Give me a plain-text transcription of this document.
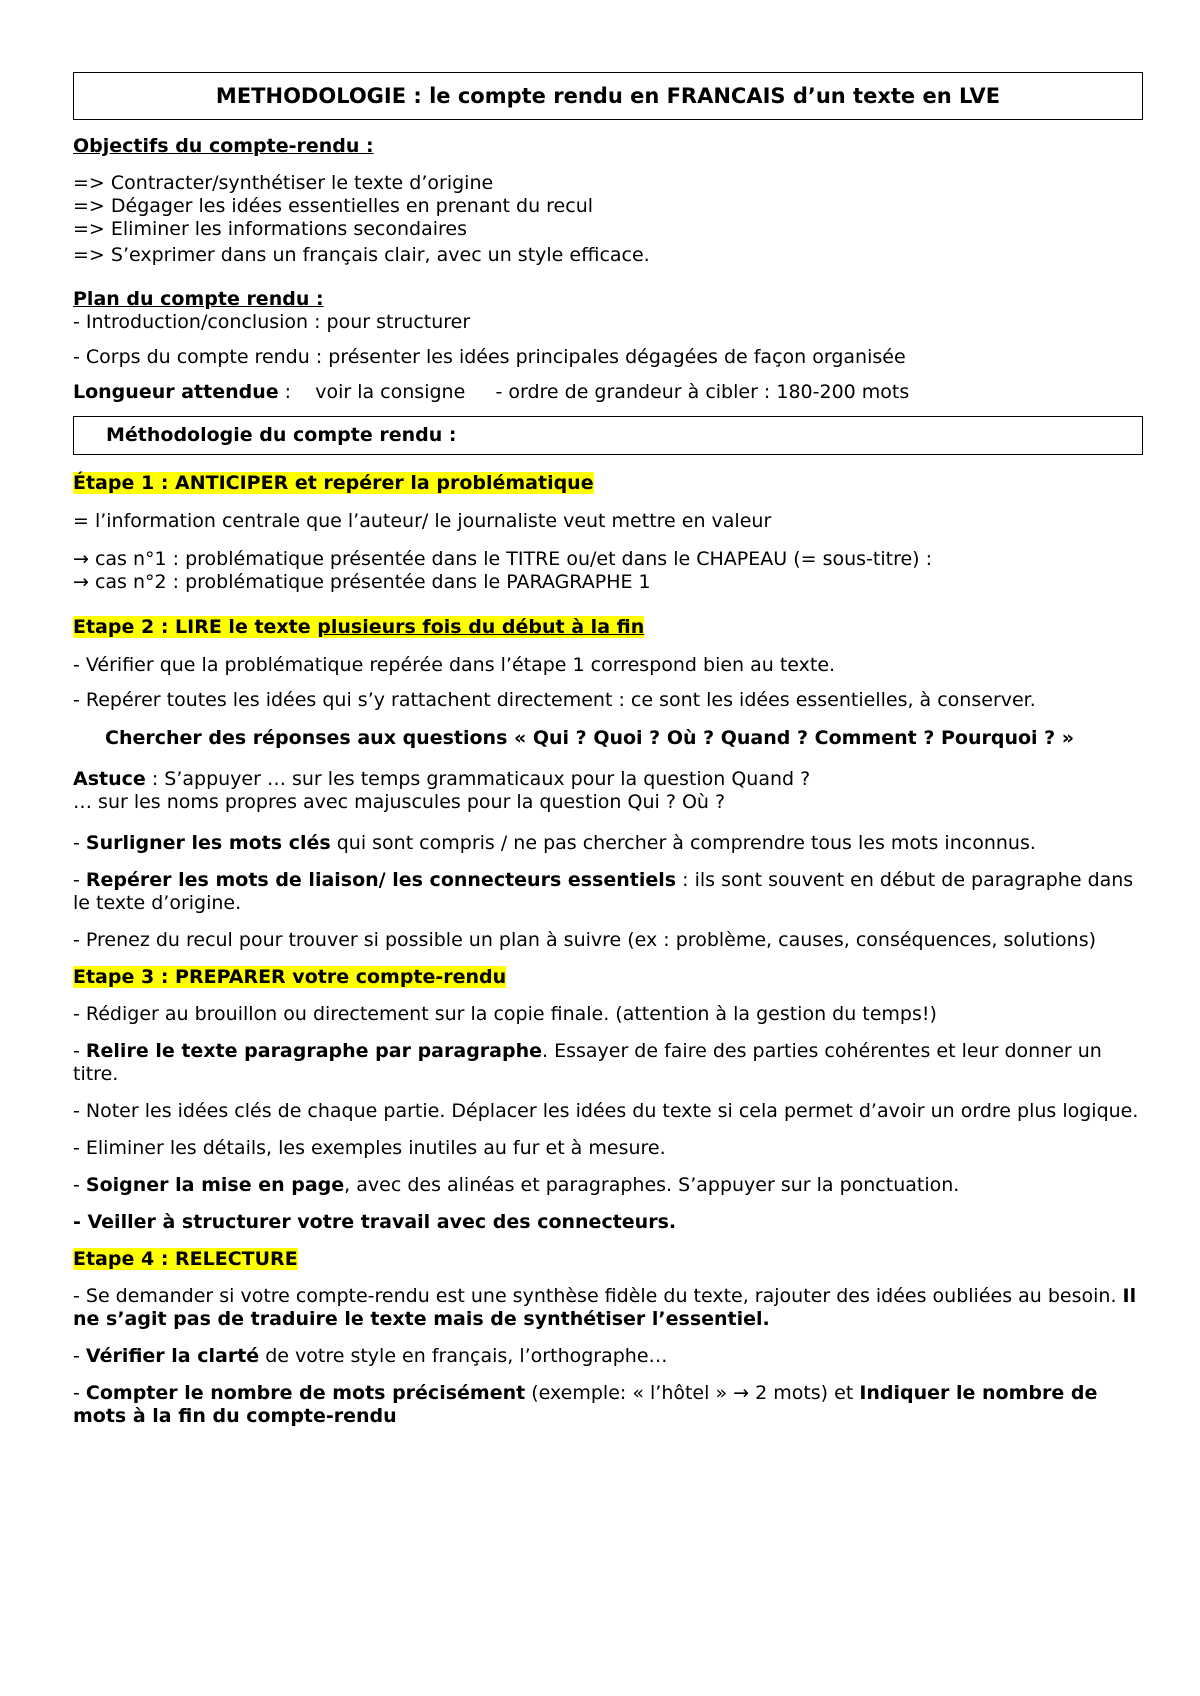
METHODOLOGIE : le compte rendu en FRANCAIS d’un texte en LVE

Objectifs du compte-rendu :

=> Contracter/synthétiser le texte d’origine

=> Dégager les idées essentielles en prenant du recul

=> Eliminer les informations secondaires

=> S’exprimer dans un français clair, avec un style efficace.

Plan du compte rendu :

- Introduction/conclusion : pour structurer

- Corps du compte rendu : présenter les idées principales dégagées de façon organisée

Longueur attendue :    voir la consigne     - ordre de grandeur à cibler : 180-200 mots

Méthodologie du compte rendu :

Étape 1 : ANTICIPER et repérer la problématique

= l’information centrale que l’auteur/ le journaliste veut mettre en valeur

→ cas n°1 : problématique présentée dans le TITRE ou/et dans le CHAPEAU (= sous-titre) :

→ cas n°2 : problématique présentée dans le PARAGRAPHE 1

Etape 2 : LIRE le texte plusieurs fois du début à la fin

- Vérifier que la problématique repérée dans l’étape 1 correspond bien au texte.

- Repérer toutes les idées qui s’y rattachent directement : ce sont les idées essentielles, à conserver.

Chercher des réponses aux questions « Qui ? Quoi ? Où ? Quand ? Comment ? Pourquoi ? »

Astuce : S’appuyer … sur les temps grammaticaux pour la question Quand ?

… sur les noms propres avec majuscules pour la question Qui ? Où ?

- Surligner les mots clés qui sont compris / ne pas chercher à comprendre tous les mots inconnus.

- Repérer les mots de liaison/ les connecteurs essentiels : ils sont souvent en début de paragraphe dans le texte d’origine.

- Prenez du recul pour trouver si possible un plan à suivre (ex : problème, causes, conséquences, solutions)

Etape 3 : PREPARER votre compte-rendu

- Rédiger au brouillon ou directement sur la copie finale. (attention à la gestion du temps!)

- Relire le texte paragraphe par paragraphe. Essayer de faire des parties cohérentes et leur donner un titre.

- Noter les idées clés de chaque partie. Déplacer les idées du texte si cela permet d’avoir un ordre plus logique.

- Eliminer les détails, les exemples inutiles au fur et à mesure.

- Soigner la mise en page, avec des alinéas et paragraphes. S’appuyer sur la ponctuation.

- Veiller à structurer votre travail avec des connecteurs.

Etape 4 : RELECTURE

- Se demander si votre compte-rendu est une synthèse fidèle du texte, rajouter des idées oubliées au besoin. Il ne s’agit pas de traduire le texte mais de synthétiser l’essentiel.

- Vérifier la clarté de votre style en français, l’orthographe…

- Compter le nombre de mots précisément (exemple: « l’hôtel » → 2 mots) et Indiquer le nombre de mots à la fin du compte-rendu
